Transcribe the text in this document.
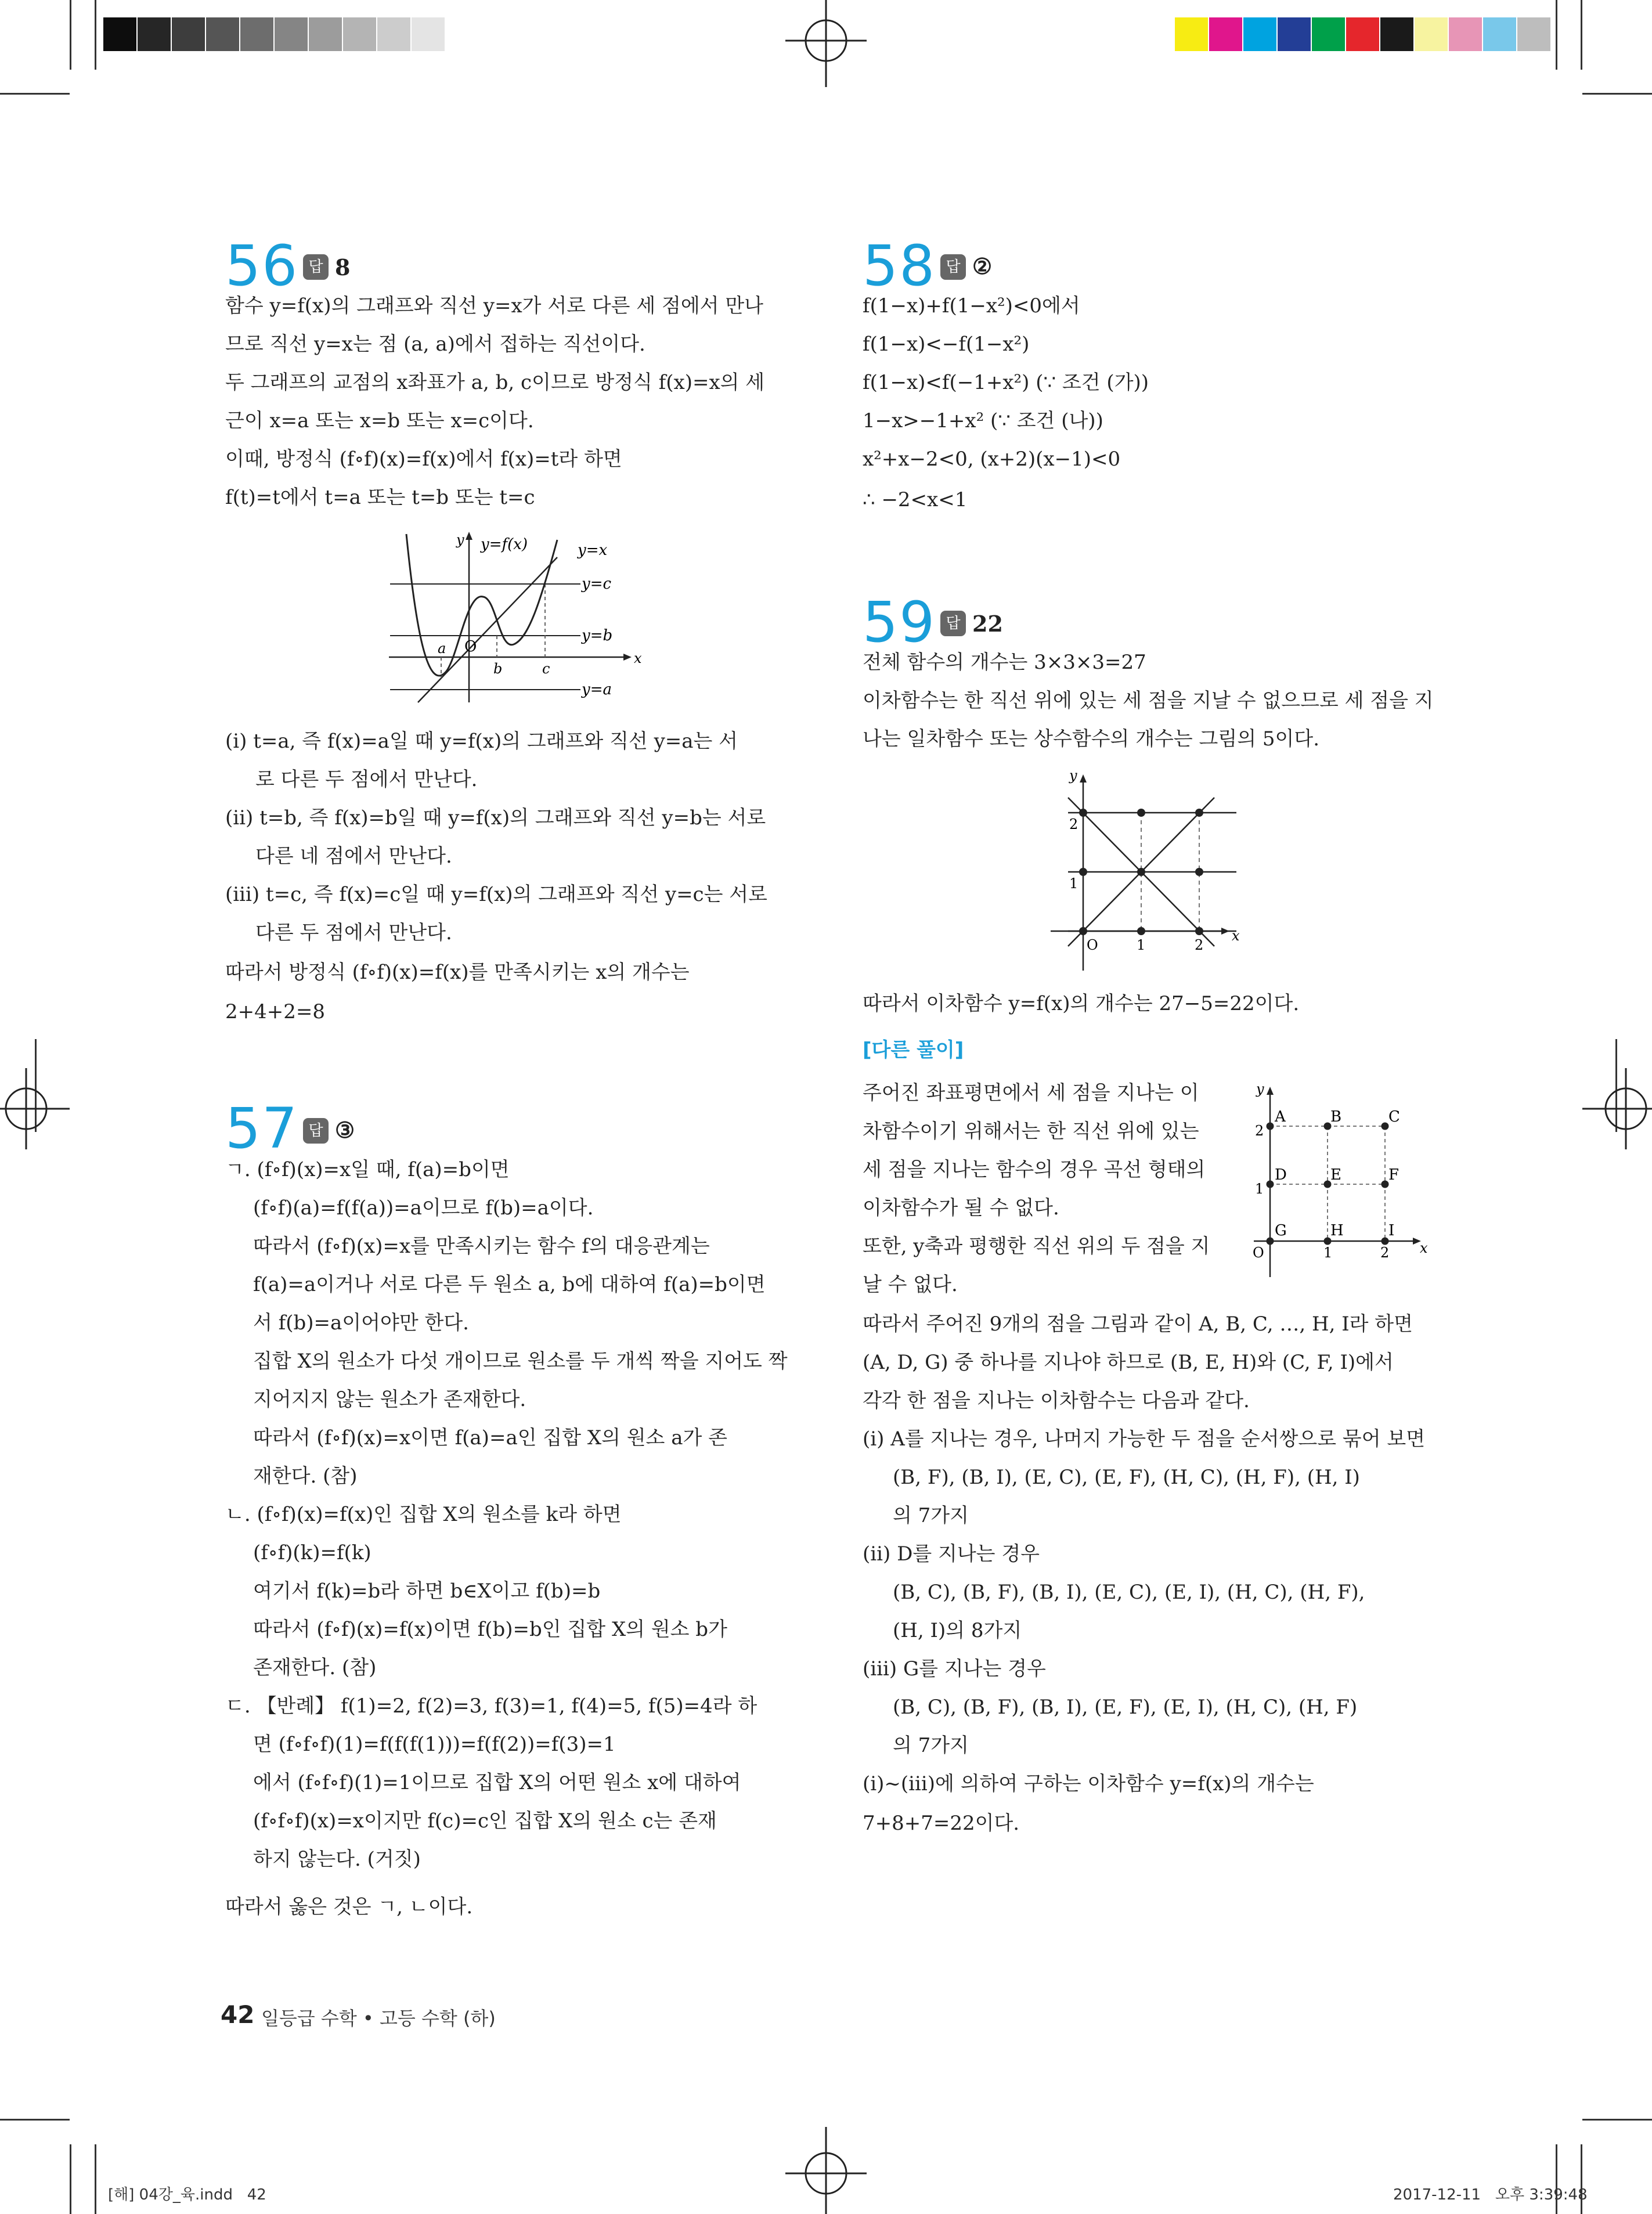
56 답 8
함수 y=f(x)의 그래프와 직선 y=x가 서로 다른 세 점에서 만나
므로 직선 y=x는 점 (a, a)에서 접하는 직선이다.
두 그래프의 교점의 x좌표가 a, b, c이므로 방정식 f(x)=x의 세
근이 x=a 또는 x=b 또는 x=c이다.
이때, 방정식 (f∘f)(x)=f(x)에서 f(x)=t라 하면
f(t)=t에서 t=a 또는 t=b 또는 t=c
y y=f(x)	y=x
y=c
y=b
y=a
x
O
a
b	c
(ⅰ) t=a, 즉 f(x)=a일 때 y=f(x)의 그래프와 직선 y=a는 서
로 다른 두 점에서 만난다.
(ⅱ) t=b, 즉 f(x)=b일 때 y=f(x)의 그래프와 직선 y=b는 서로
다른 네 점에서 만난다.
(ⅲ) t=c, 즉 f(x)=c일 때 y=f(x)의 그래프와 직선 y=c는 서로
다른 두 점에서 만난다.
따라서 방정식 (f∘f)(x)=f(x)를 만족시키는 x의 개수는
2+4+2=8
57 답 ③
ㄱ. (f∘f)(x)=x일 때, f(a)=b이면
(f∘f)(a)=f(f(a))=a이므로 f(b)=a이다.
따라서 (f∘f)(x)=x를 만족시키는 함수 f의 대응관계는
f(a)=a이거나 서로 다른 두 원소 a, b에 대하여 f(a)=b이면
서 f(b)=a이어야만 한다.
집합 X의 원소가 다섯 개이므로 원소를 두 개씩 짝을 지어도 짝
지어지지 않는 원소가 존재한다.
따라서 (f∘f)(x)=x이면 f(a)=a인 집합 X의 원소 a가 존
재한다. (참)
ㄴ. (f∘f)(x)=f(x)인 집합 X의 원소를 k라 하면
(f∘f)(k)=f(k)
여기서 f(k)=b라 하면 b∈X이고 f(b)=b
따라서 (f∘f)(x)=f(x)이면 f(b)=b인 집합 X의 원소 b가
존재한다. (참)
ㄷ. 【반례】 f(1)=2, f(2)=3, f(3)=1, f(4)=5, f(5)=4라 하
면 (f∘f∘f)(1)=f(f(f(1)))=f(f(2))=f(3)=1
에서 (f∘f∘f)(1)=1이므로 집합 X의 어떤 원소 x에 대하여
(f∘f∘f)(x)=x이지만 f(c)=c인 집합 X의 원소 c는 존재
하지 않는다. (거짓)
따라서 옳은 것은 ㄱ, ㄴ이다.
58 답 ②
f(1−x)+f(1−x²)<0에서
f(1−x)<−f(1−x²)
f(1−x)<f(−1+x²) (∵ 조건 (가))
1−x>−1+x² (∵ 조건 (나))
x²+x−2<0, (x+2)(x−1)<0
∴ −2<x<1
59 답 22
전체 함수의 개수는 3×3×3=27
이차함수는 한 직선 위에 있는 세 점을 지날 수 없으므로 세 점을 지
나는 일차함수 또는 상수함수의 개수는 그림의 5이다.
y
x
O	1	2
1
2
따라서 이차함수 y=f(x)의 개수는 27−5=22이다.
[다른 풀이]
주어진 좌표평면에서 세 점을 지나는 이
차함수이기 위해서는 한 직선 위에 있는
세 점을 지나는 함수의 경우 곡선 형태의
이차함수가 될 수 없다.
또한, y축과 평행한 직선 위의 두 점을 지
날 수 없다.
y
x
O	1	2
2
1
A	B	C
D	E	F
G	H	I
따라서 주어진 9개의 점을 그림과 같이 A, B, C, …, H, I라 하면
(A, D, G) 중 하나를 지나야 하므로 (B, E, H)와 (C, F, I)에서
각각 한 점을 지나는 이차함수는 다음과 같다.
(ⅰ) A를 지나는 경우, 나머지 가능한 두 점을 순서쌍으로 묶어 보면
(B, F), (B, I), (E, C), (E, F), (H, C), (H, F), (H, I)
의 7가지
(ⅱ) D를 지나는 경우
(B, C), (B, F), (B, I), (E, C), (E, I), (H, C), (H, F),
(H, I)의 8가지
(ⅲ) G를 지나는 경우
(B, C), (B, F), (B, I), (E, F), (E, I), (H, C), (H, F)
의 7가지
(ⅰ)~(ⅲ)에 의하여 구하는 이차함수 y=f(x)의 개수는
7+8+7=22이다.
42 일등급 수학 • 고등 수학 (하)
[해] 04강_육.indd   42	2017-12-11   오후 3:39:48
